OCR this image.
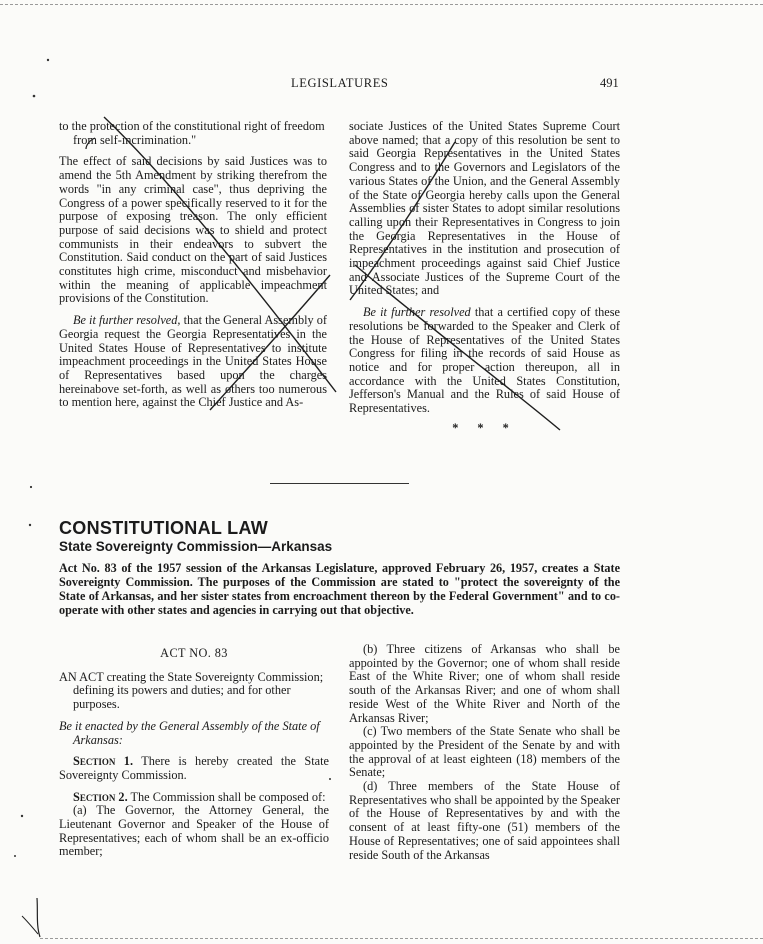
LEGISLATURES	491

to the protection of the constitutional right of freedom from self-incrimination."

The effect of said decisions by said Justices was to amend the 5th Amendment by striking therefrom the words "in any criminal case", thus depriving the Congress of a power specifically reserved to it for the purpose of exposing treason. The only efficient purpose of said decisions was to shield and protect communists in their endeavors to subvert the Constitution. Said conduct on the part of said Justices constitutes high crime, misconduct and misbehavior within the meaning of applicable impeachment provisions of the Constitution.

Be it further resolved, that the General Assembly of Georgia request the Georgia Representatives in the United States House of Representatives to institute impeachment proceedings in the United States House of Representatives based upon the charges hereinabove set-forth, as well as others too numerous to mention here, against the Chief Justice and As-

sociate Justices of the United States Supreme Court above named; that a copy of this resolution be sent to said Georgia Representatives in the United States Congress and to the Governors and Legislators of the various States of the Union, and the General Assembly of the State of Georgia hereby calls upon the General Assemblies of sister States to adopt similar resolutions calling upon their Representatives in Congress to join the Georgia Representatives in the House of Representatives in the institution and prosecution of impeachment proceedings against said Chief Justice and Associate Justices of the Supreme Court of the United States; and

Be it further resolved that a certified copy of these resolutions be forwarded to the Speaker and Clerk of the House of Representatives of the United States Congress for filing in the records of said House as notice and for proper action thereupon, all in accordance with the United States Constitution, Jefferson's Manual and the Rules of said House of Representatives.

* * *
CONSTITUTIONAL LAW
State Sovereignty Commission—Arkansas

Act No. 83 of the 1957 session of the Arkansas Legislature, approved February 26, 1957, creates a State Sovereignty Commission. The purposes of the Commission are stated to "protect the sovereignty of the State of Arkansas, and her sister states from encroachment thereon by the Federal Government" and to co-operate with other states and agencies in carrying out that objective.

ACT NO. 83

AN ACT creating the State Sovereignty Commission; defining its powers and duties; and for other purposes.

Be it enacted by the General Assembly of the State of Arkansas:

Section 1. There is hereby created the State Sovereignty Commission.

Section 2. The Commission shall be composed of:

(a) The Governor, the Attorney General, the Lieutenant Governor and Speaker of the House of Representatives; each of whom shall be an ex-officio member;

(b) Three citizens of Arkansas who shall be appointed by the Governor; one of whom shall reside East of the White River; one of whom shall reside south of the Arkansas River; and one of whom shall reside West of the White River and North of the Arkansas River;

(c) Two members of the State Senate who shall be appointed by the President of the Senate by and with the approval of at least eighteen (18) members of the Senate;

(d) Three members of the State House of Representatives who shall be appointed by the Speaker of the House of Representatives by and with the consent of at least fifty-one (51) members of the House of Representatives; one of said appointees shall reside South of the Arkansas
